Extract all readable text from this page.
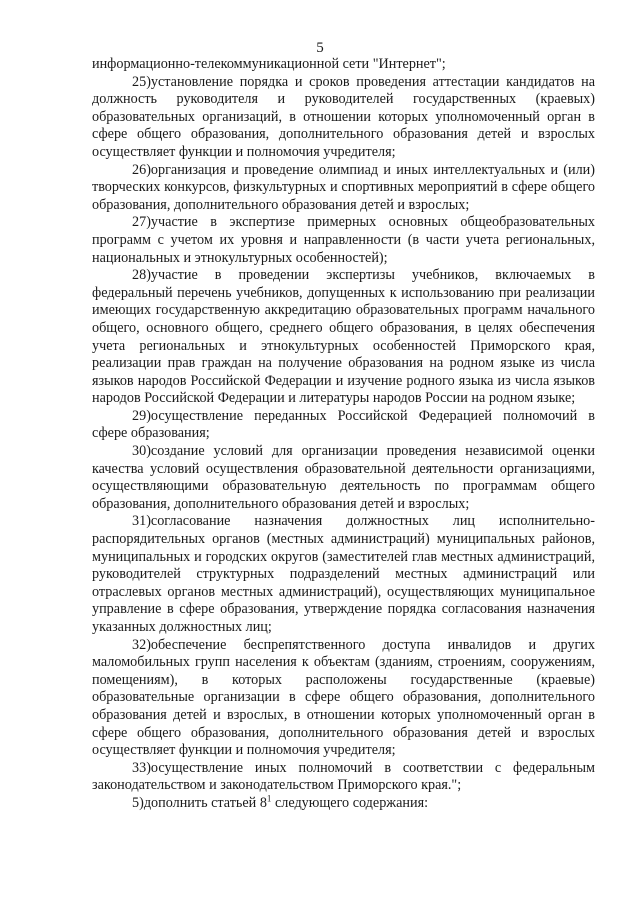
5

информационно-телекоммуникационной сети "Интернет";

25)установление порядка и сроков проведения аттестации кандидатов на должность руководителя и руководителей государственных (краевых) образовательных организаций, в отношении которых уполномоченный орган в сфере общего образования, дополнительного образования детей и взрослых осуществляет функции и полномочия учредителя;

26)организация и проведение олимпиад и иных интеллектуальных и (или) творческих конкурсов, физкультурных и спортивных мероприятий в сфере общего образования, дополнительного образования детей и взрослых;

27)участие в экспертизе примерных основных общеобразовательных программ с учетом их уровня и направленности (в части учета региональных, национальных и этнокультурных особенностей);

28)участие в проведении экспертизы учебников, включаемых в федеральный перечень учебников, допущенных к использованию при реализации имеющих государственную аккредитацию образовательных программ начального общего, основного общего, среднего общего образования, в целях обеспечения учета региональных и этнокультурных особенностей Приморского края, реализации прав граждан на получение образования на родном языке из числа языков народов Российской Федерации и изучение родного языка из числа языков народов Российской Федерации и литературы народов России на родном языке;

29)осуществление переданных Российской Федерацией полномочий в сфере образования;

30)создание условий для организации проведения независимой оценки качества условий осуществления образовательной деятельности организациями, осуществляющими образовательную деятельность по программам общего образования, дополнительного образования детей и взрослых;

31)согласование назначения должностных лиц исполнительно-распорядительных органов (местных администраций) муниципальных районов, муниципальных и городских округов (заместителей глав местных администраций, руководителей структурных подразделений местных администраций или отраслевых органов местных администраций), осуществляющих муниципальное управление в сфере образования, утверждение порядка согласования назначения указанных должностных лиц;

32)обеспечение беспрепятственного доступа инвалидов и других маломобильных групп населения к объектам (зданиям, строениям, сооружениям, помещениям), в которых расположены государственные (краевые) образовательные организации в сфере общего образования, дополнительного образования детей и взрослых, в отношении которых уполномоченный орган в сфере общего образования, дополнительного образования детей и взрослых осуществляет функции и полномочия учредителя;

33)осуществление иных полномочий в соответствии с федеральным законодательством и законодательством Приморского края.";

5)дополнить статьей $8^1$ следующего содержания:
